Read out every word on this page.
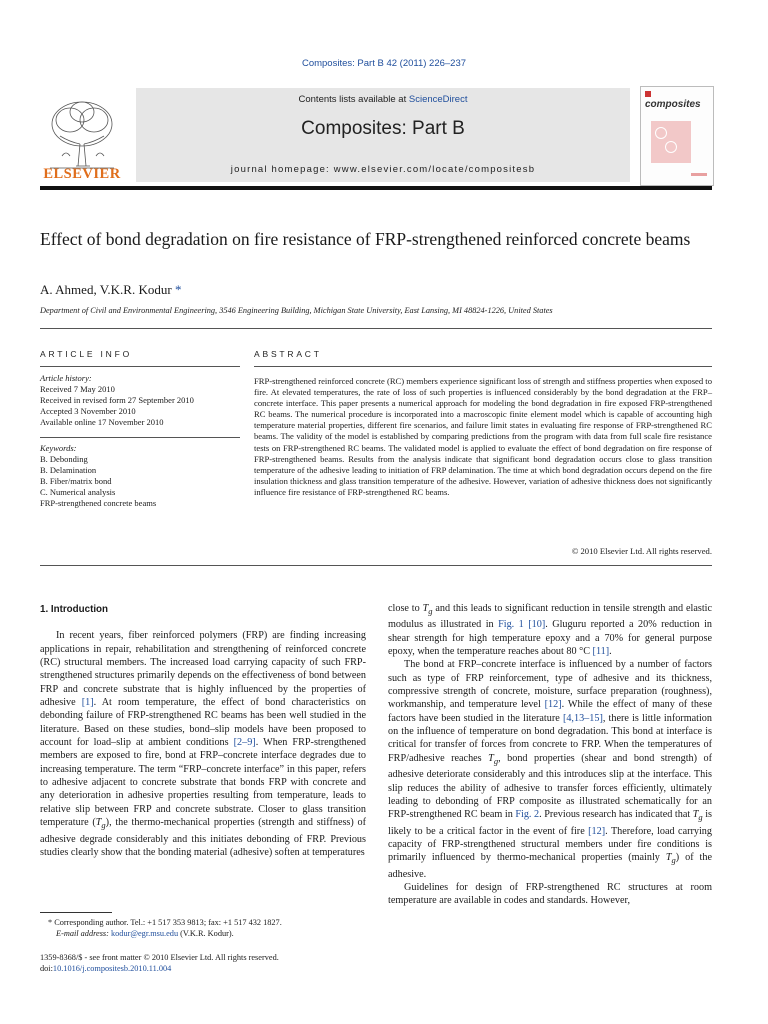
Composites: Part B 42 (2011) 226–237
ELSEVIER
Contents lists available at ScienceDirect
Composites: Part B
journal homepage: www.elsevier.com/locate/compositesb
composites
Effect of bond degradation on fire resistance of FRP-strengthened reinforced concrete beams
A. Ahmed, V.K.R. Kodur *
Department of Civil and Environmental Engineering, 3546 Engineering Building, Michigan State University, East Lansing, MI 48824-1226, United States
ARTICLE INFO
Article history:
Received 7 May 2010
Received in revised form 27 September 2010
Accepted 3 November 2010
Available online 17 November 2010
Keywords:
B. Debonding
B. Delamination
B. Fiber/matrix bond
C. Numerical analysis
FRP-strengthened concrete beams
ABSTRACT
FRP-strengthened reinforced concrete (RC) members experience significant loss of strength and stiffness properties when exposed to fire. At elevated temperatures, the rate of loss of such properties is influenced considerably by the bond degradation at the FRP–concrete interface. This paper presents a numerical approach for modeling the bond degradation in fire exposed FRP-strengthened RC beams. The numerical procedure is incorporated into a macroscopic finite element model which is capable of accounting high temperature material properties, different fire scenarios, and failure limit states in evaluating fire response of FRP-strengthened RC beams. The validity of the model is established by comparing predictions from the program with data from full scale fire resistance tests on FRP-strengthened RC beams. The validated model is applied to evaluate the effect of bond degradation on fire response of FRP-strengthened beams. Results from the analysis indicate that significant bond degradation occurs close to glass transition temperature of the adhesive leading to initiation of FRP delamination. The time at which bond degradation occurs depend on the fire insulation thickness and glass transition temperature of the adhesive. However, variation of adhesive thickness does not significantly influence fire resistance of FRP-strengthened RC beams.
© 2010 Elsevier Ltd. All rights reserved.

1. Introduction

In recent years, fiber reinforced polymers (FRP) are finding increasing applications in repair, rehabilitation and strengthening of reinforced concrete (RC) structural members. The increased load carrying capacity of such FRP-strengthened structures primarily depends on the effectiveness of bond between FRP and concrete substrate that is highly influenced by the properties of adhesive [1]. At room temperature, the effect of bond characteristics on debonding failure of FRP-strengthened RC beams has been well studied in the literature. Based on these studies, bond–slip models have been proposed to account for load–slip at ambient conditions [2–9]. When FRP-strengthened members are exposed to fire, bond at FRP–concrete interface degrades due to increasing temperature. The term “FRP–concrete interface” in this paper, refers to adhesive adjacent to concrete substrate that bonds FRP with concrete and any deterioration in adhesive properties resulting from temperature, leads to relative slip between FRP and concrete substrate. Closer to glass transition temperature $(T_g)$, the thermo-mechanical properties (strength and stiffness) of adhesive degrade considerably and this initiates debonding of FRP. Previous studies clearly show that the bonding material (adhesive) soften at temperatures

* Corresponding author. Tel.: +1 517 353 9813; fax: +1 517 432 1827.
E-mail address: kodur@egr.msu.edu (V.K.R. Kodur).
1359-8368/$ - see front matter © 2010 Elsevier Ltd. All rights reserved.
doi:10.1016/j.compositesb.2010.11.004

close to $T_g$ and this leads to significant reduction in tensile strength and elastic modulus as illustrated in Fig. 1 [10]. Gluguru reported a 20% reduction in shear strength for high temperature epoxy and a 70% for general purpose epoxy, when the temperature reaches about 80 °C [11].

The bond at FRP–concrete interface is influenced by a number of factors such as type of FRP reinforcement, type of adhesive and its thickness, compressive strength of concrete, moisture, surface preparation (roughness), workmanship, and temperature level [12]. While the effect of many of these factors have been studied in the literature [4,13–15], there is little information on the influence of temperature on bond degradation. This bond at interface is critical for transfer of forces from concrete to FRP. When the temperatures of FRP/adhesive reaches $T_g$, bond properties (shear and bond strength) of adhesive deteriorate considerably and this introduces slip at the interface. This slip reduces the ability of adhesive to transfer forces efficiently, ultimately leading to debonding of FRP composite as illustrated schematically for an FRP-strengthened RC beam in Fig. 2. Previous research has indicated that $T_g$ is likely to be a critical factor in the event of fire [12]. Therefore, load carrying capacity of FRP-strengthened structural members under fire conditions is primarily influenced by thermo-mechanical properties (mainly $T_g$) of the adhesive.

Guidelines for design of FRP-strengthened RC structures at room temperature are available in codes and standards. However,
